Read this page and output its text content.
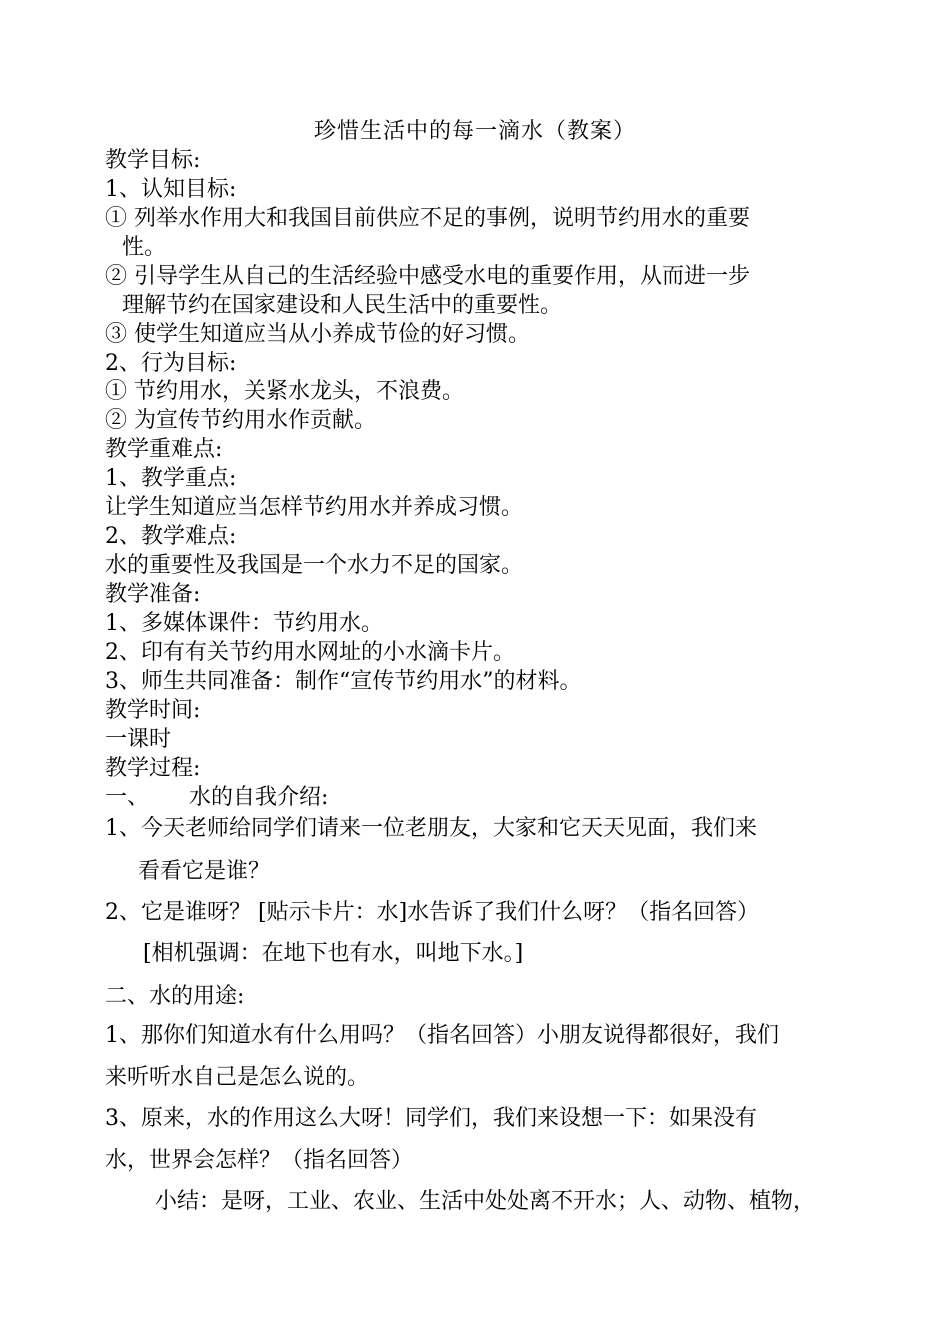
珍惜生活中的每一滴水（教案）
教学目标:
1、认知目标:
① 列举水作用大和我国目前供应不足的事例，说明节约用水的重要
性。
② 引导学生从自己的生活经验中感受水电的重要作用，从而进一步
理解节约在国家建设和人民生活中的重要性。
③ 使学生知道应当从小养成节俭的好习惯。
2、行为目标:
① 节约用水，关紧水龙头，不浪费。
② 为宣传节约用水作贡献。
教学重难点:
1、教学重点:
让学生知道应当怎样节约用水并养成习惯。
2、教学难点:
水的重要性及我国是一个水力不足的国家。
教学准备:
1、多媒体课件：节约用水。
2、印有有关节约用水网址的小水滴卡片。
3、师生共同准备：制作“宣传节约用水”的材料。
教学时间:
一课时
教学过程:
一、 水的自我介绍:
1、今天老师给同学们请来一位老朋友，大家和它天天见面，我们来
看看它是谁？
2、它是谁呀？ [贴示卡片：水]水告诉了我们什么呀？（指名回答）
[相机强调：在地下也有水，叫地下水。]
二、水的用途:
1、那你们知道水有什么用吗？（指名回答）小朋友说得都很好，我们
来听听水自己是怎么说的。
3、原来，水的作用这么大呀！同学们，我们来设想一下：如果没有
水，世界会怎样？（指名回答）
小结：是呀，工业、农业、生活中处处离不开水；人、动物、植物，
